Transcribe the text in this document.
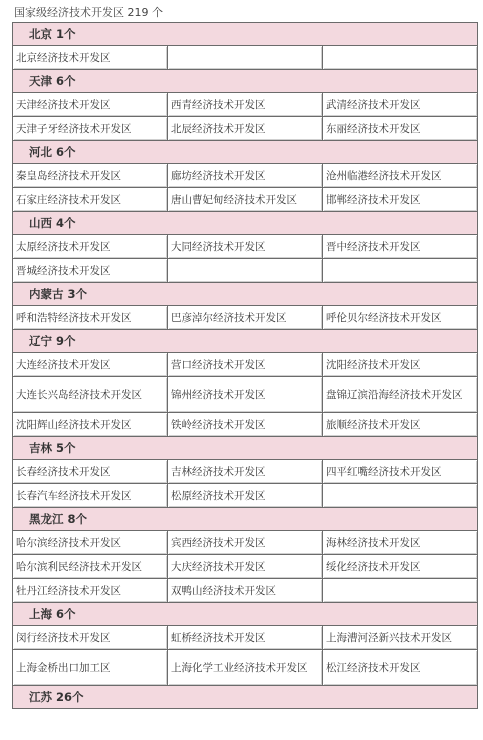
国家级经济技术开发区 219 个
北京 1个		
北京经济技术开发区		
天津 6个		
天津经济技术开发区	西青经济技术开发区	武清经济技术开发区
天津子牙经济技术开发区	北辰经济技术开发区	东丽经济技术开发区
河北 6个		
秦皇岛经济技术开发区	廊坊经济技术开发区	沧州临港经济技术开发区
石家庄经济技术开发区	唐山曹妃甸经济技术开发区	邯郸经济技术开发区
山西 4个		
太原经济技术开发区	大同经济技术开发区	晋中经济技术开发区
晋城经济技术开发区		
内蒙古 3个		
呼和浩特经济技术开发区	巴彦淖尔经济技术开发区	呼伦贝尔经济技术开发区
辽宁 9个		
大连经济技术开发区	营口经济技术开发区	沈阳经济技术开发区
大连长兴岛经济技术开发区	锦州经济技术开发区	盘锦辽滨沿海经济技术开发区
沈阳辉山经济技术开发区	铁岭经济技术开发区	旅顺经济技术开发区
吉林 5个		
长春经济技术开发区	吉林经济技术开发区	四平红嘴经济技术开发区
长春汽车经济技术开发区	松原经济技术开发区	
黑龙江 8个		
哈尔滨经济技术开发区	宾西经济技术开发区	海林经济技术开发区
哈尔滨利民经济技术开发区	大庆经济技术开发区	绥化经济技术开发区
牡丹江经济技术开发区	双鸭山经济技术开发区	
上海 6个		
闵行经济技术开发区	虹桥经济技术开发区	上海漕河泾新兴技术开发区
上海金桥出口加工区	上海化学工业经济技术开发区	松江经济技术开发区
江苏 26个		
